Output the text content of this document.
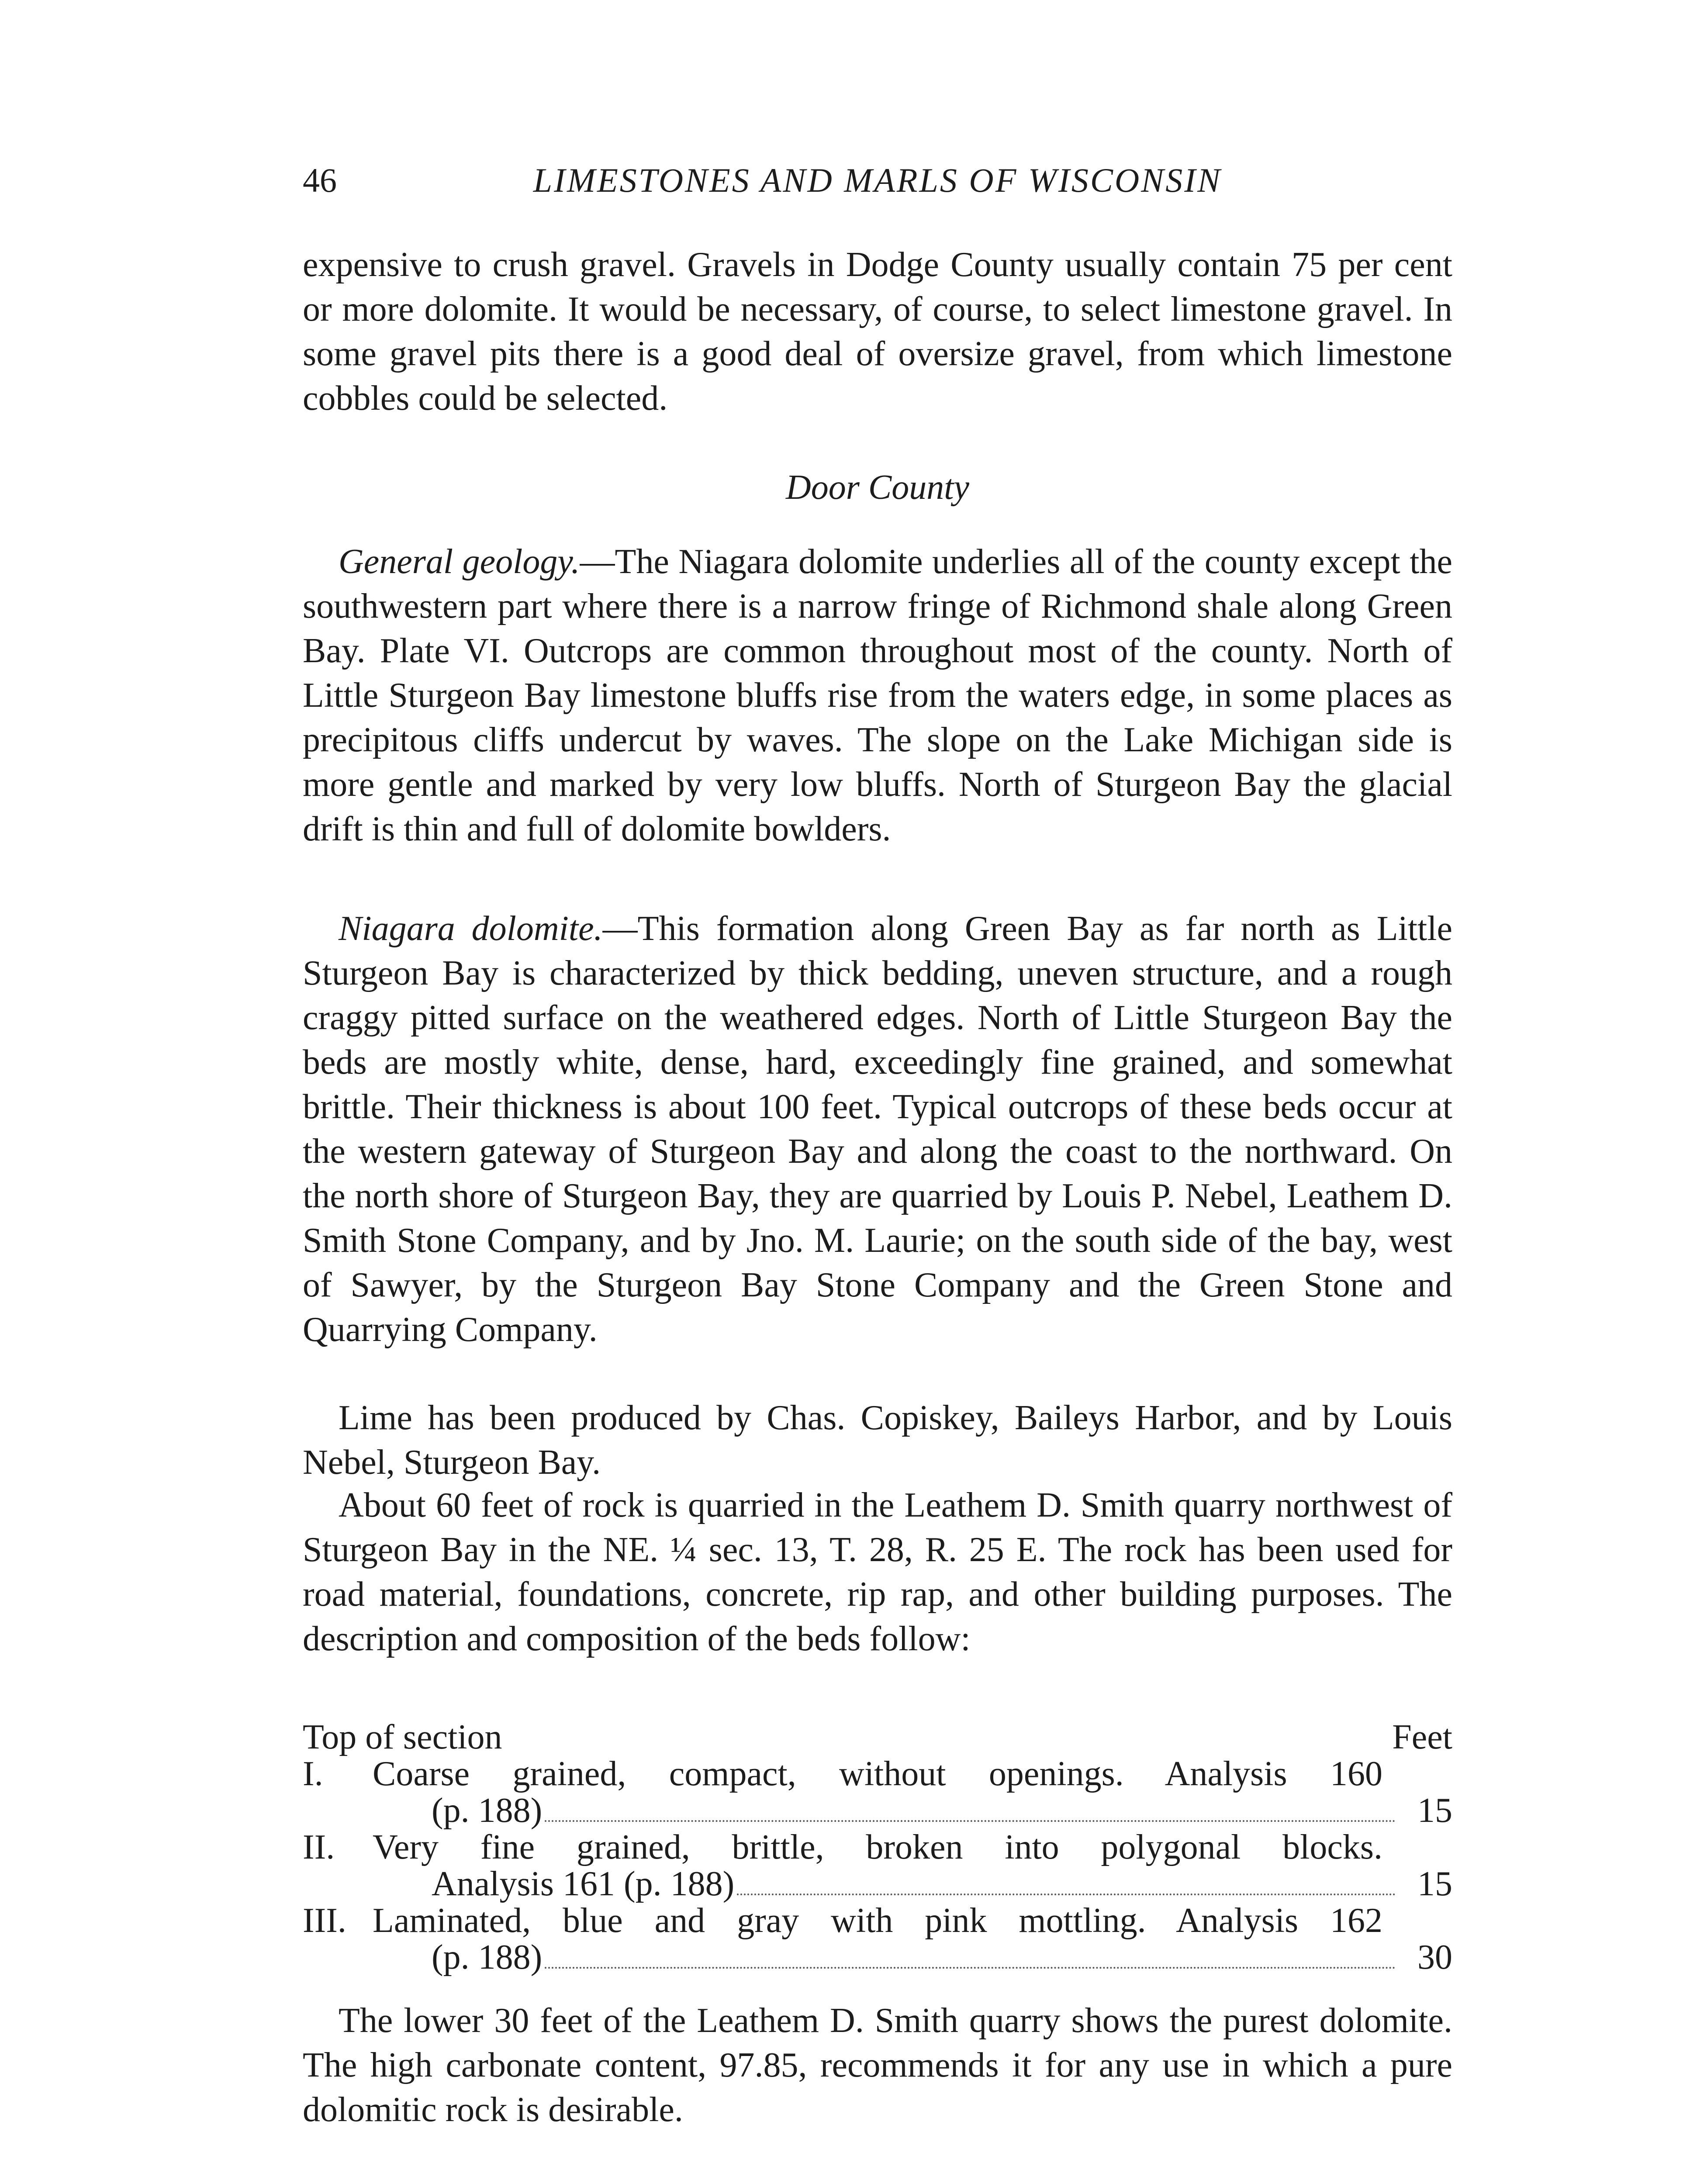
46	LIMESTONES AND MARLS OF WISCONSIN

expensive to crush gravel. Gravels in Dodge County usually contain 75 per cent or more dolomite. It would be necessary, of course, to select limestone gravel. In some gravel pits there is a good deal of oversize gravel, from which limestone cobbles could be selected.

Door County

General geology.—The Niagara dolomite underlies all of the county except the southwestern part where there is a narrow fringe of Richmond shale along Green Bay. Plate VI. Outcrops are common throughout most of the county. North of Little Sturgeon Bay limestone bluffs rise from the waters edge, in some places as precipitous cliffs undercut by waves. The slope on the Lake Michigan side is more gentle and marked by very low bluffs. North of Sturgeon Bay the glacial drift is thin and full of dolomite bowlders.

Niagara dolomite.—This formation along Green Bay as far north as Little Sturgeon Bay is characterized by thick bedding, uneven structure, and a rough craggy pitted surface on the weathered edges. North of Little Sturgeon Bay the beds are mostly white, dense, hard, exceedingly fine grained, and somewhat brittle. Their thickness is about 100 feet. Typical outcrops of these beds occur at the western gateway of Sturgeon Bay and along the coast to the northward. On the north shore of Sturgeon Bay, they are quarried by Louis P. Nebel, Leathem D. Smith Stone Company, and by Jno. M. Laurie; on the south side of the bay, west of Sawyer, by the Sturgeon Bay Stone Company and the Green Stone and Quarrying Company.

Lime has been produced by Chas. Copiskey, Baileys Harbor, and by Louis Nebel, Sturgeon Bay.

About 60 feet of rock is quarried in the Leathem D. Smith quarry northwest of Sturgeon Bay in the NE. ¼ sec. 13, T. 28, R. 25 E. The rock has been used for road material, foundations, concrete, rip rap, and other building purposes. The description and composition of the beds follow:

Top of section	Feet
I.	Coarse grained, compact, without openings. Analysis 160
(p. 188)	15
II.	Very fine grained, brittle, broken into polygonal blocks.
Analysis 161 (p. 188)	15
III. Laminated, blue and gray with pink mottling. Analysis 162
(p. 188)	30

The lower 30 feet of the Leathem D. Smith quarry shows the purest dolomite. The high carbonate content, 97.85, recommends it for any use in which a pure dolomitic rock is desirable.
